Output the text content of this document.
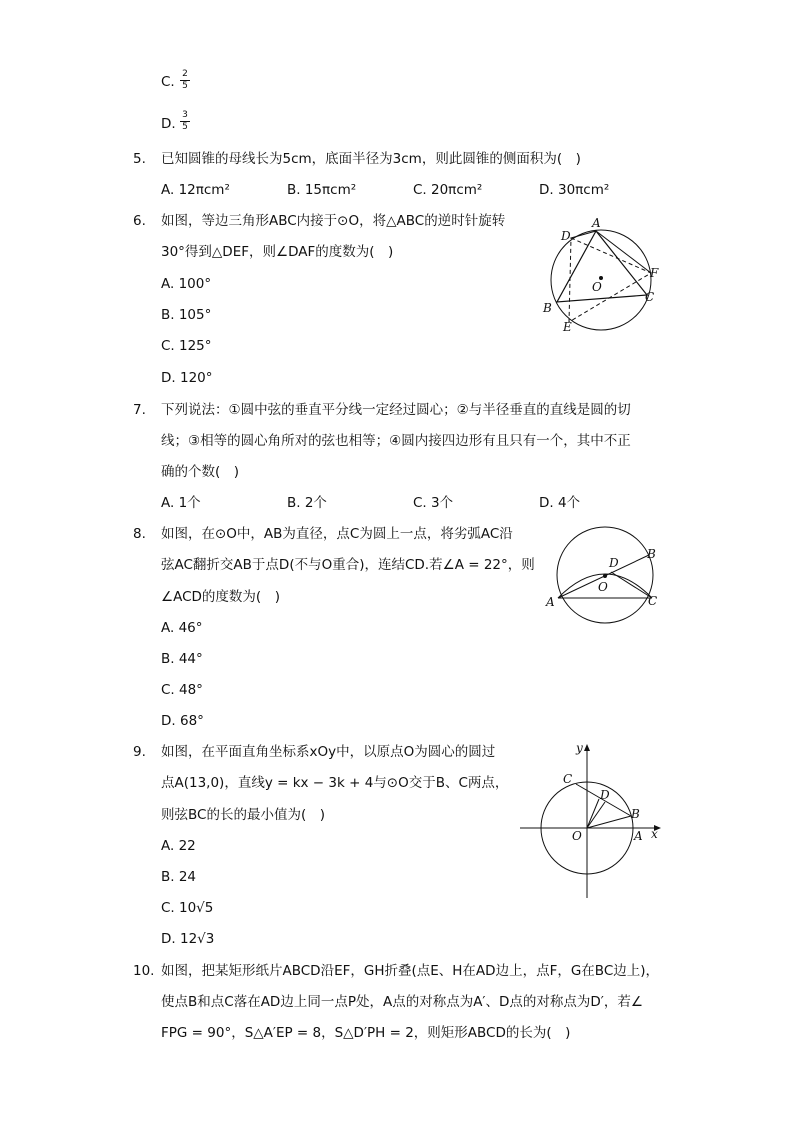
C. 2
5
D.
3
5
5. 已知圆锥的母线长为5cm，底面半径为3cm，则此圆锥的侧面积为(　)
A. 12πcm²	B. 15πcm²	C. 20πcm²	D. 30πcm²
6. 如图，等边三角形ABC内接于⊙O，将△ABC的逆时针旋转
30°得到△DEF，则∠DAF的度数为(　)
A. 100°
B. 105°
C. 125°
D. 120°
A
D
F
O
B
C
E
7. 下列说法：①圆中弦的垂直平分线一定经过圆心；②与半径垂直的直线是圆的切
线；③相等的圆心角所对的弦也相等；④圆内接四边形有且只有一个，其中不正
确的个数(　)
A. 1个	B. 2个	C. 3个	D. 4个
8. 如图，在⊙O中，AB为直径，点C为圆上一点，将劣弧AC沿
弦AC翻折交AB于点D(不与O重合)，连结CD.若∠A = 22°，则
∠ACD的度数为(　)
A. 46°
B. 44°
C. 48°
D. 68°
D
B
O
A	C
9. 如图，在平面直角坐标系xOy中，以原点O为圆心的圆过
点A(13,0)，直线y = kx − 3k + 4与⊙O交于B、C两点，
则弦BC的长的最小值为(　)
A. 22
B. 24
C. 10√5
D. 12√3
y
C
D
B
O	A x
10. 如图，把某矩形纸片ABCD沿EF，GH折叠(点E、H在AD边上，点F，G在BC边上)，
使点B和点C落在AD边上同一点P处，A点的对称点为A′、D点的对称点为D′，若∠
FPG = 90°，S△A′EP = 8，S△D′PH = 2，则矩形ABCD的长为(　)
